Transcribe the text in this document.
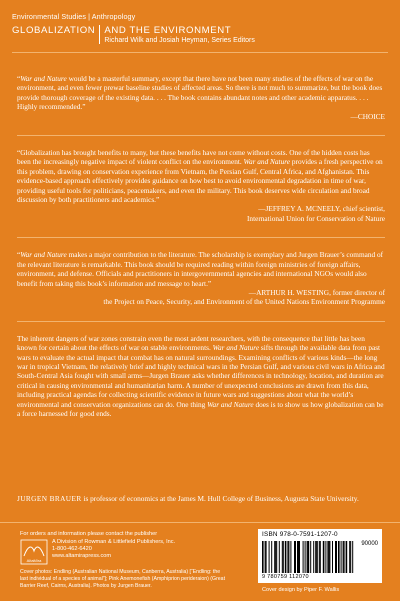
Environmental Studies | Anthropology
GLOBALIZATION AND THE ENVIRONMENT
Richard Wilk and Josiah Heyman, Series Editors

“War and Nature would be a masterful summary, except that there have not been many studies of the effects of war on the environment, and even fewer prewar baseline studies of affected areas. So there is not much to summarize, but the book does provide thorough coverage of the existing data. . . . The book contains abundant notes and other academic apparatus. . . . Highly recommended.”
—CHOICE

“Globalization has brought benefits to many, but these benefits have not come without costs. One of the hidden costs has been the increasingly negative impact of violent conflict on the environment. War and Nature provides a fresh perspective on this problem, drawing on conservation experience from Vietnam, the Persian Gulf, Central Africa, and Afghanistan. This evidence-based approach effectively provides guidance on how best to avoid environmental degradation in time of war, providing useful tools for politicians, peacemakers, and even the military. This book deserves wide circulation and broad discussion by both practitioners and academics.”
—JEFFREY A. MCNEELY, chief scientist,
International Union for Conservation of Nature

“War and Nature makes a major contribution to the literature. The scholarship is exemplary and Jurgen Brauer’s command of the relevant literature is remarkable. This book should be required reading within foreign ministries of foreign affairs, environment, and defense. Officials and practitioners in intergovernmental agencies and international NGOs would also benefit from taking this book’s information and message to heart.”
—ARTHUR H. WESTING, former director of
the Project on Peace, Security, and Environment of the United Nations Environment Programme

The inherent dangers of war zones constrain even the most ardent researchers, with the consequence that little has been known for certain about the effects of war on stable environments. War and Nature sifts through the available data from past wars to evaluate the actual impact that combat has on natural surroundings. Examining conflicts of various kinds—the long war in tropical Vietnam, the relatively brief and highly technical wars in the Persian Gulf, and various civil wars in Africa and South-Central Asia fought with small arms—Jurgen Brauer asks whether differences in technology, location, and duration are critical in causing environmental and humanitarian harm. A number of unexpected conclusions are drawn from this data, including practical agendas for collecting scientific evidence in future wars and suggestions about what the world’s environmental and conservation organizations can do. One thing War and Nature does is to show us how globalization can be a force harnessed for good ends.

JURGEN BRAUER is professor of economics at the James M. Hull College of Business, Augusta State University.
For orders and information please contact the publisher
AltaMira
A Division of Rowman & Littlefield Publishers, Inc.
1-800-462-6420
www.altamirapress.com
Cover photos: Endling (Australian National Museum, Canberra, Australia) [“Endling: the last individual of a species of animal”]; Pink Anemonefish (Amphiprion perideraion) (Great Barrier Reef, Cairns, Australia). Photos by Jurgen Brauer.
ISBN 978-0-7591-1207-0
90000
9 780759 112070
Cover design by Piper F. Wallis
